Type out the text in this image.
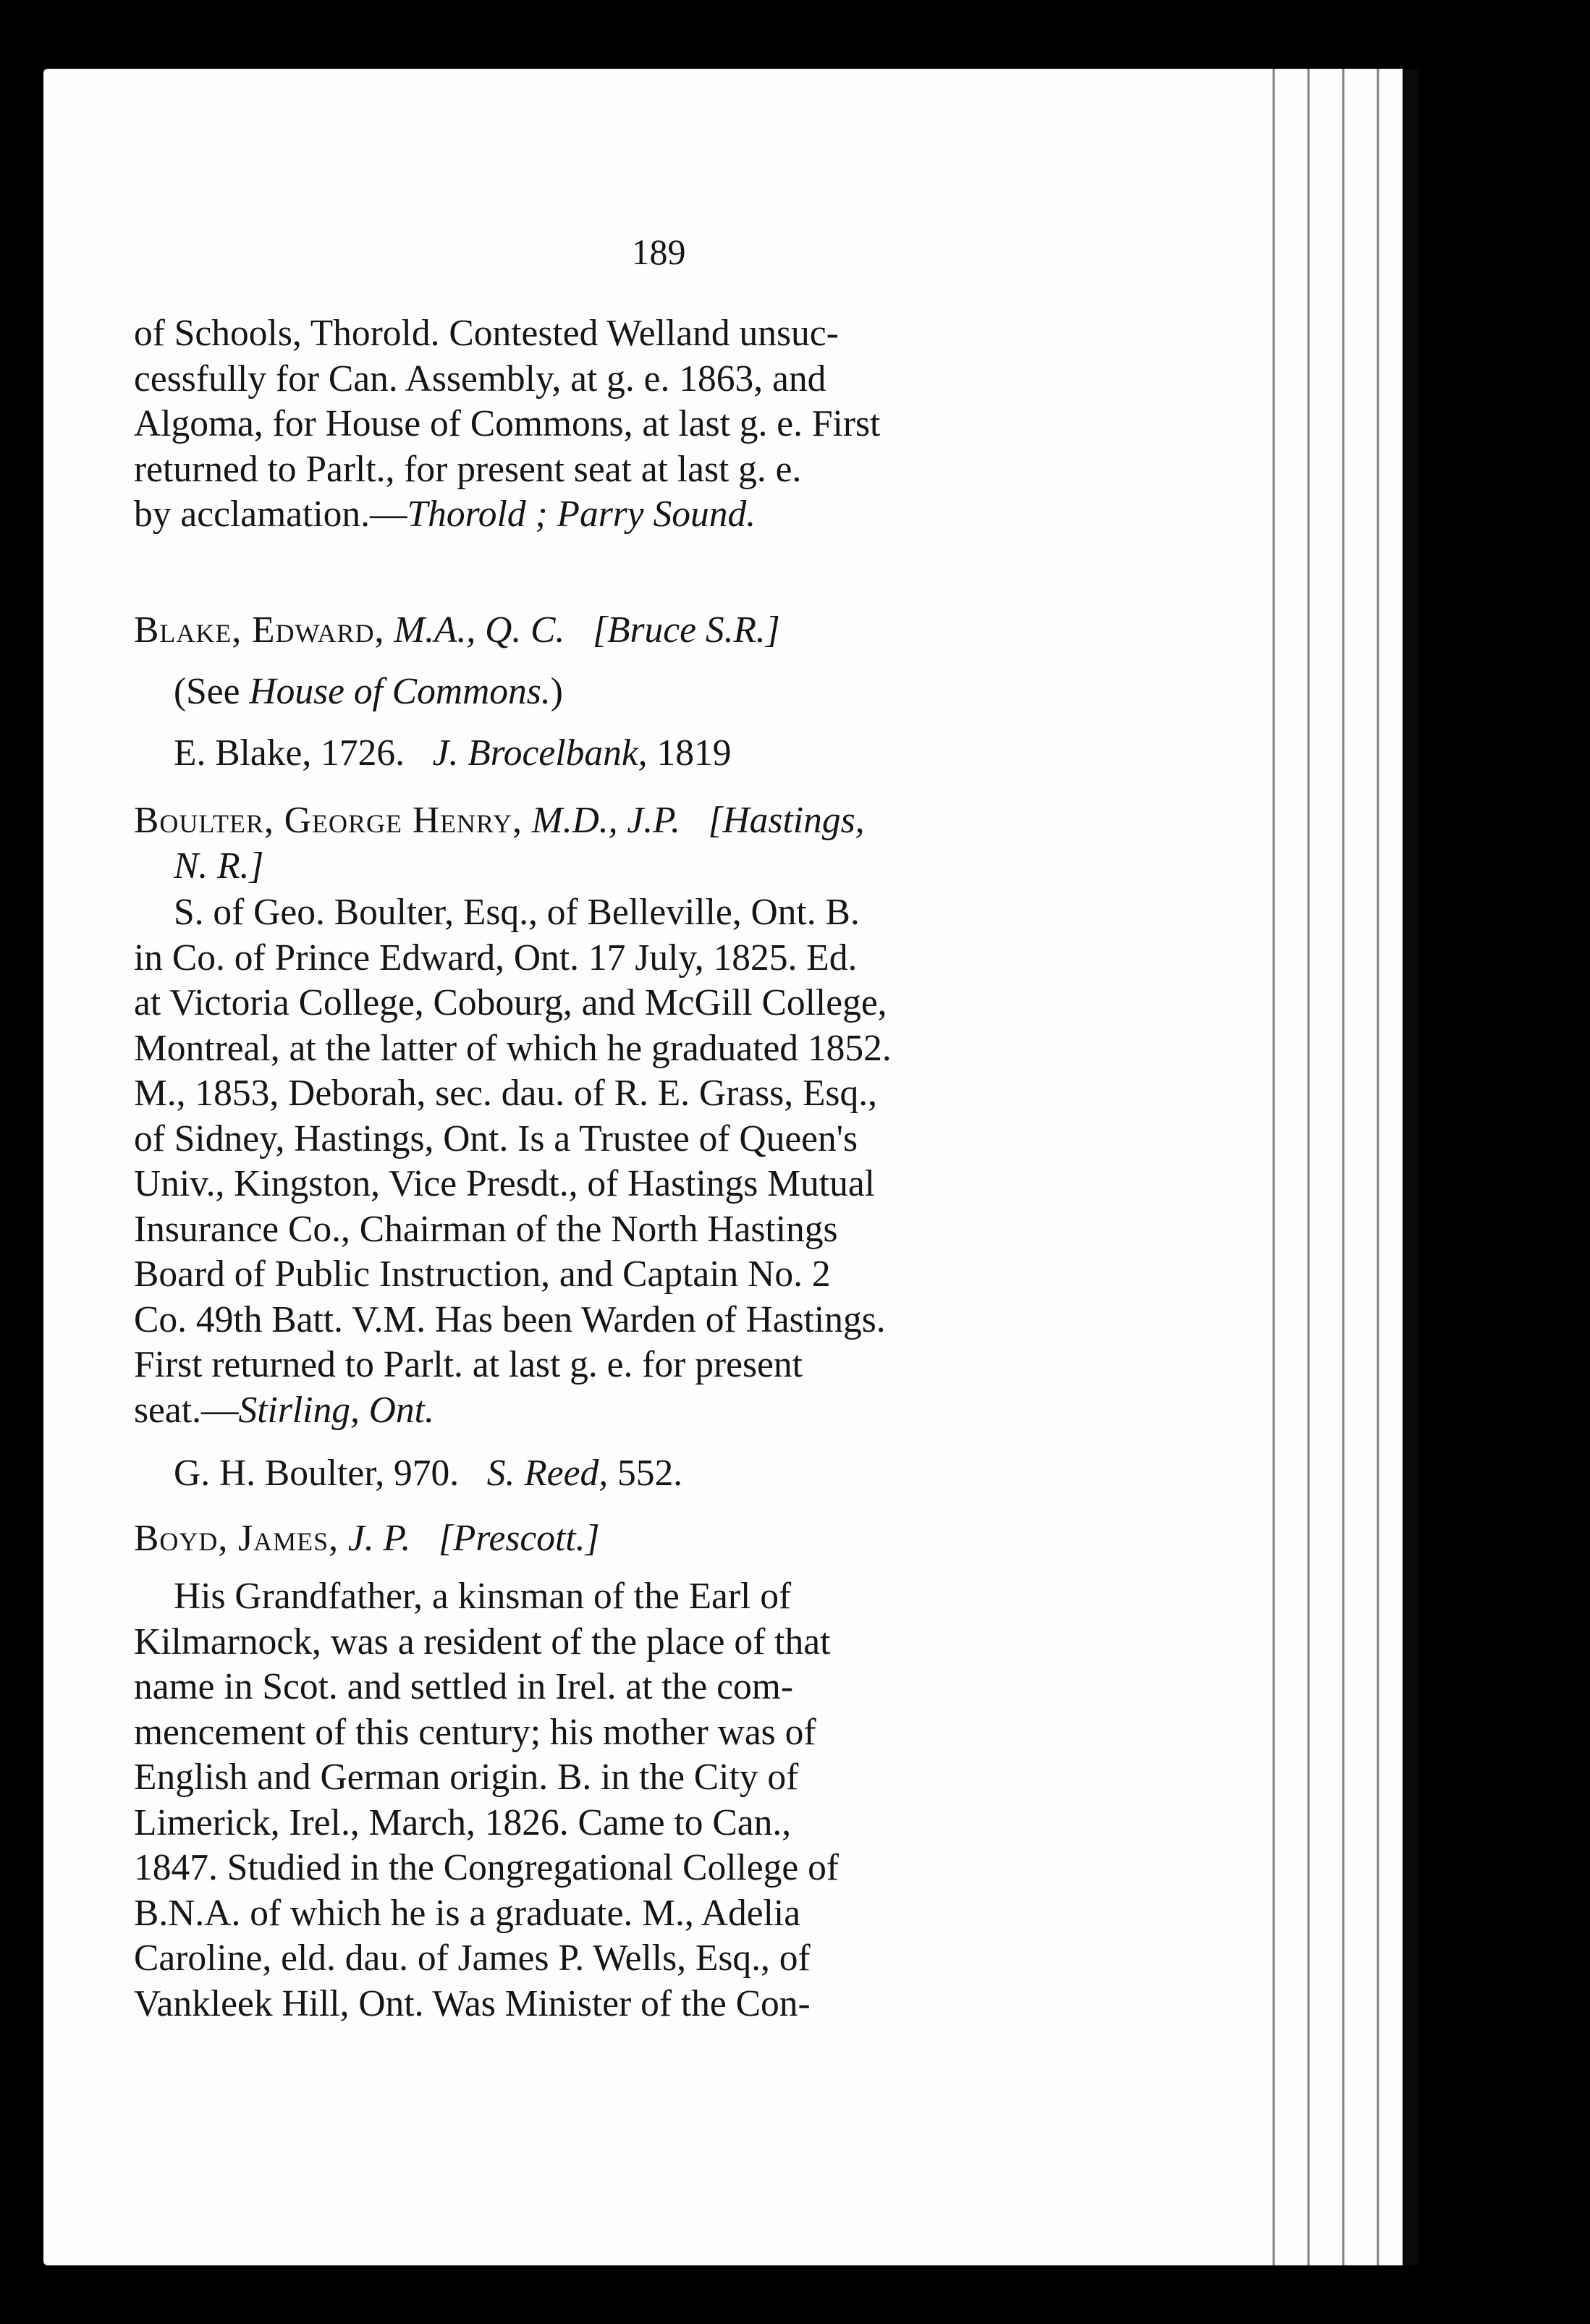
189
of Schools, Thorold. Contested Welland unsuc-
cessfully for Can. Assembly, at g. e. 1863, and
Algoma, for House of Commons, at last g. e. First
returned to Parlt., for present seat at last g. e.
by acclamation.—Thorold ; Parry Sound.
Blake, Edward, M.A., Q. C. [Bruce S.R.]
(See House of Commons.)
E. Blake, 1726. J. Brocelbank, 1819
Boulter, George Henry, M.D., J.P. [Hastings,
N. R.]
S. of Geo. Boulter, Esq., of Belleville, Ont. B.
in Co. of Prince Edward, Ont. 17 July, 1825. Ed.
at Victoria College, Cobourg, and McGill College,
Montreal, at the latter of which he graduated 1852.
M., 1853, Deborah, sec. dau. of R. E. Grass, Esq.,
of Sidney, Hastings, Ont. Is a Trustee of Queen's
Univ., Kingston, Vice Presdt., of Hastings Mutual
Insurance Co., Chairman of the North Hastings
Board of Public Instruction, and Captain No. 2
Co. 49th Batt. V.M. Has been Warden of Hastings.
First returned to Parlt. at last g. e. for present
seat.—Stirling, Ont.
G. H. Boulter, 970. S. Reed, 552.
Boyd, James, J. P. [Prescott.]
His Grandfather, a kinsman of the Earl of
Kilmarnock, was a resident of the place of that
name in Scot. and settled in Irel. at the com-
mencement of this century; his mother was of
English and German origin. B. in the City of
Limerick, Irel., March, 1826. Came to Can.,
1847. Studied in the Congregational College of
B.N.A. of which he is a graduate. M., Adelia
Caroline, eld. dau. of James P. Wells, Esq., of
Vankleek Hill, Ont. Was Minister of the Con-
